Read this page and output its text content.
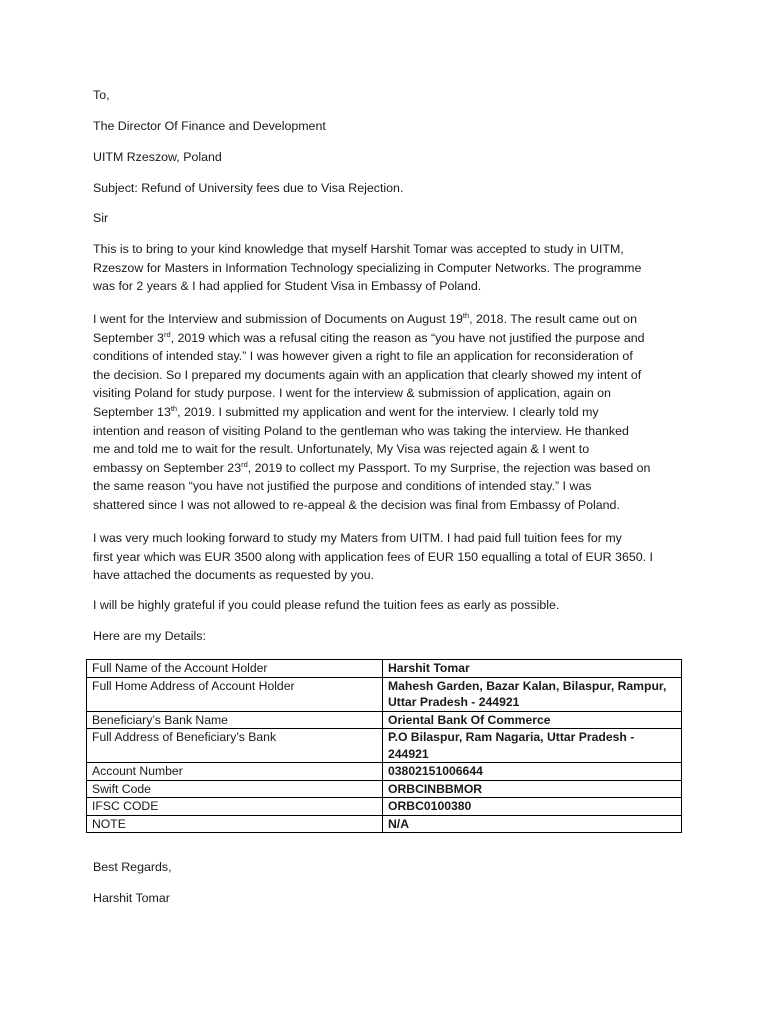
To,

The Director Of Finance and Development

UITM Rzeszow, Poland

Subject: Refund of University fees due to Visa Rejection.

Sir

This is to bring to your kind knowledge that myself Harshit Tomar was accepted to study in UITM,
Rzeszow for Masters in Information Technology specializing in Computer Networks. The programme
was for 2 years & I had applied for Student Visa in Embassy of Poland.
I went for the Interview and submission of Documents on August 19th, 2018. The result came out on
September 3rd, 2019 which was a refusal citing the reason as “you have not justified the purpose and
conditions of intended stay.” I was however given a right to file an application for reconsideration of
the decision. So I prepared my documents again with an application that clearly showed my intent of
visiting Poland for study purpose. I went for the interview & submission of application, again on
September 13th, 2019. I submitted my application and went for the interview. I clearly told my
intention and reason of visiting Poland to the gentleman who was taking the interview. He thanked
me and told me to wait for the result. Unfortunately, My Visa was rejected again & I went to
embassy on September 23rd, 2019 to collect my Passport. To my Surprise, the rejection was based on
the same reason “you have not justified the purpose and conditions of intended stay.” I was
shattered since I was not allowed to re-appeal & the decision was final from Embassy of Poland.
I was very much looking forward to study my Maters from UITM. I had paid full tuition fees for my
first year which was EUR 3500 along with application fees of EUR 150 equalling a total of EUR 3650. I
have attached the documents as requested by you.

I will be highly grateful if you could please refund the tuition fees as early as possible.

Here are my Details:

Full Name of the Account Holder	Harshit Tomar
Full Home Address of Account Holder	Mahesh Garden, Bazar Kalan, Bilaspur, Rampur, Uttar Pradesh - 244921
Beneficiary’s Bank Name	Oriental Bank Of Commerce
Full Address of Beneficiary’s Bank	P.O Bilaspur, Ram Nagaria, Uttar Pradesh - 244921
Account Number	03802151006644
Swift Code	ORBCINBBMOR
IFSC CODE	ORBC0100380
NOTE	N/A

Best Regards,

Harshit Tomar
